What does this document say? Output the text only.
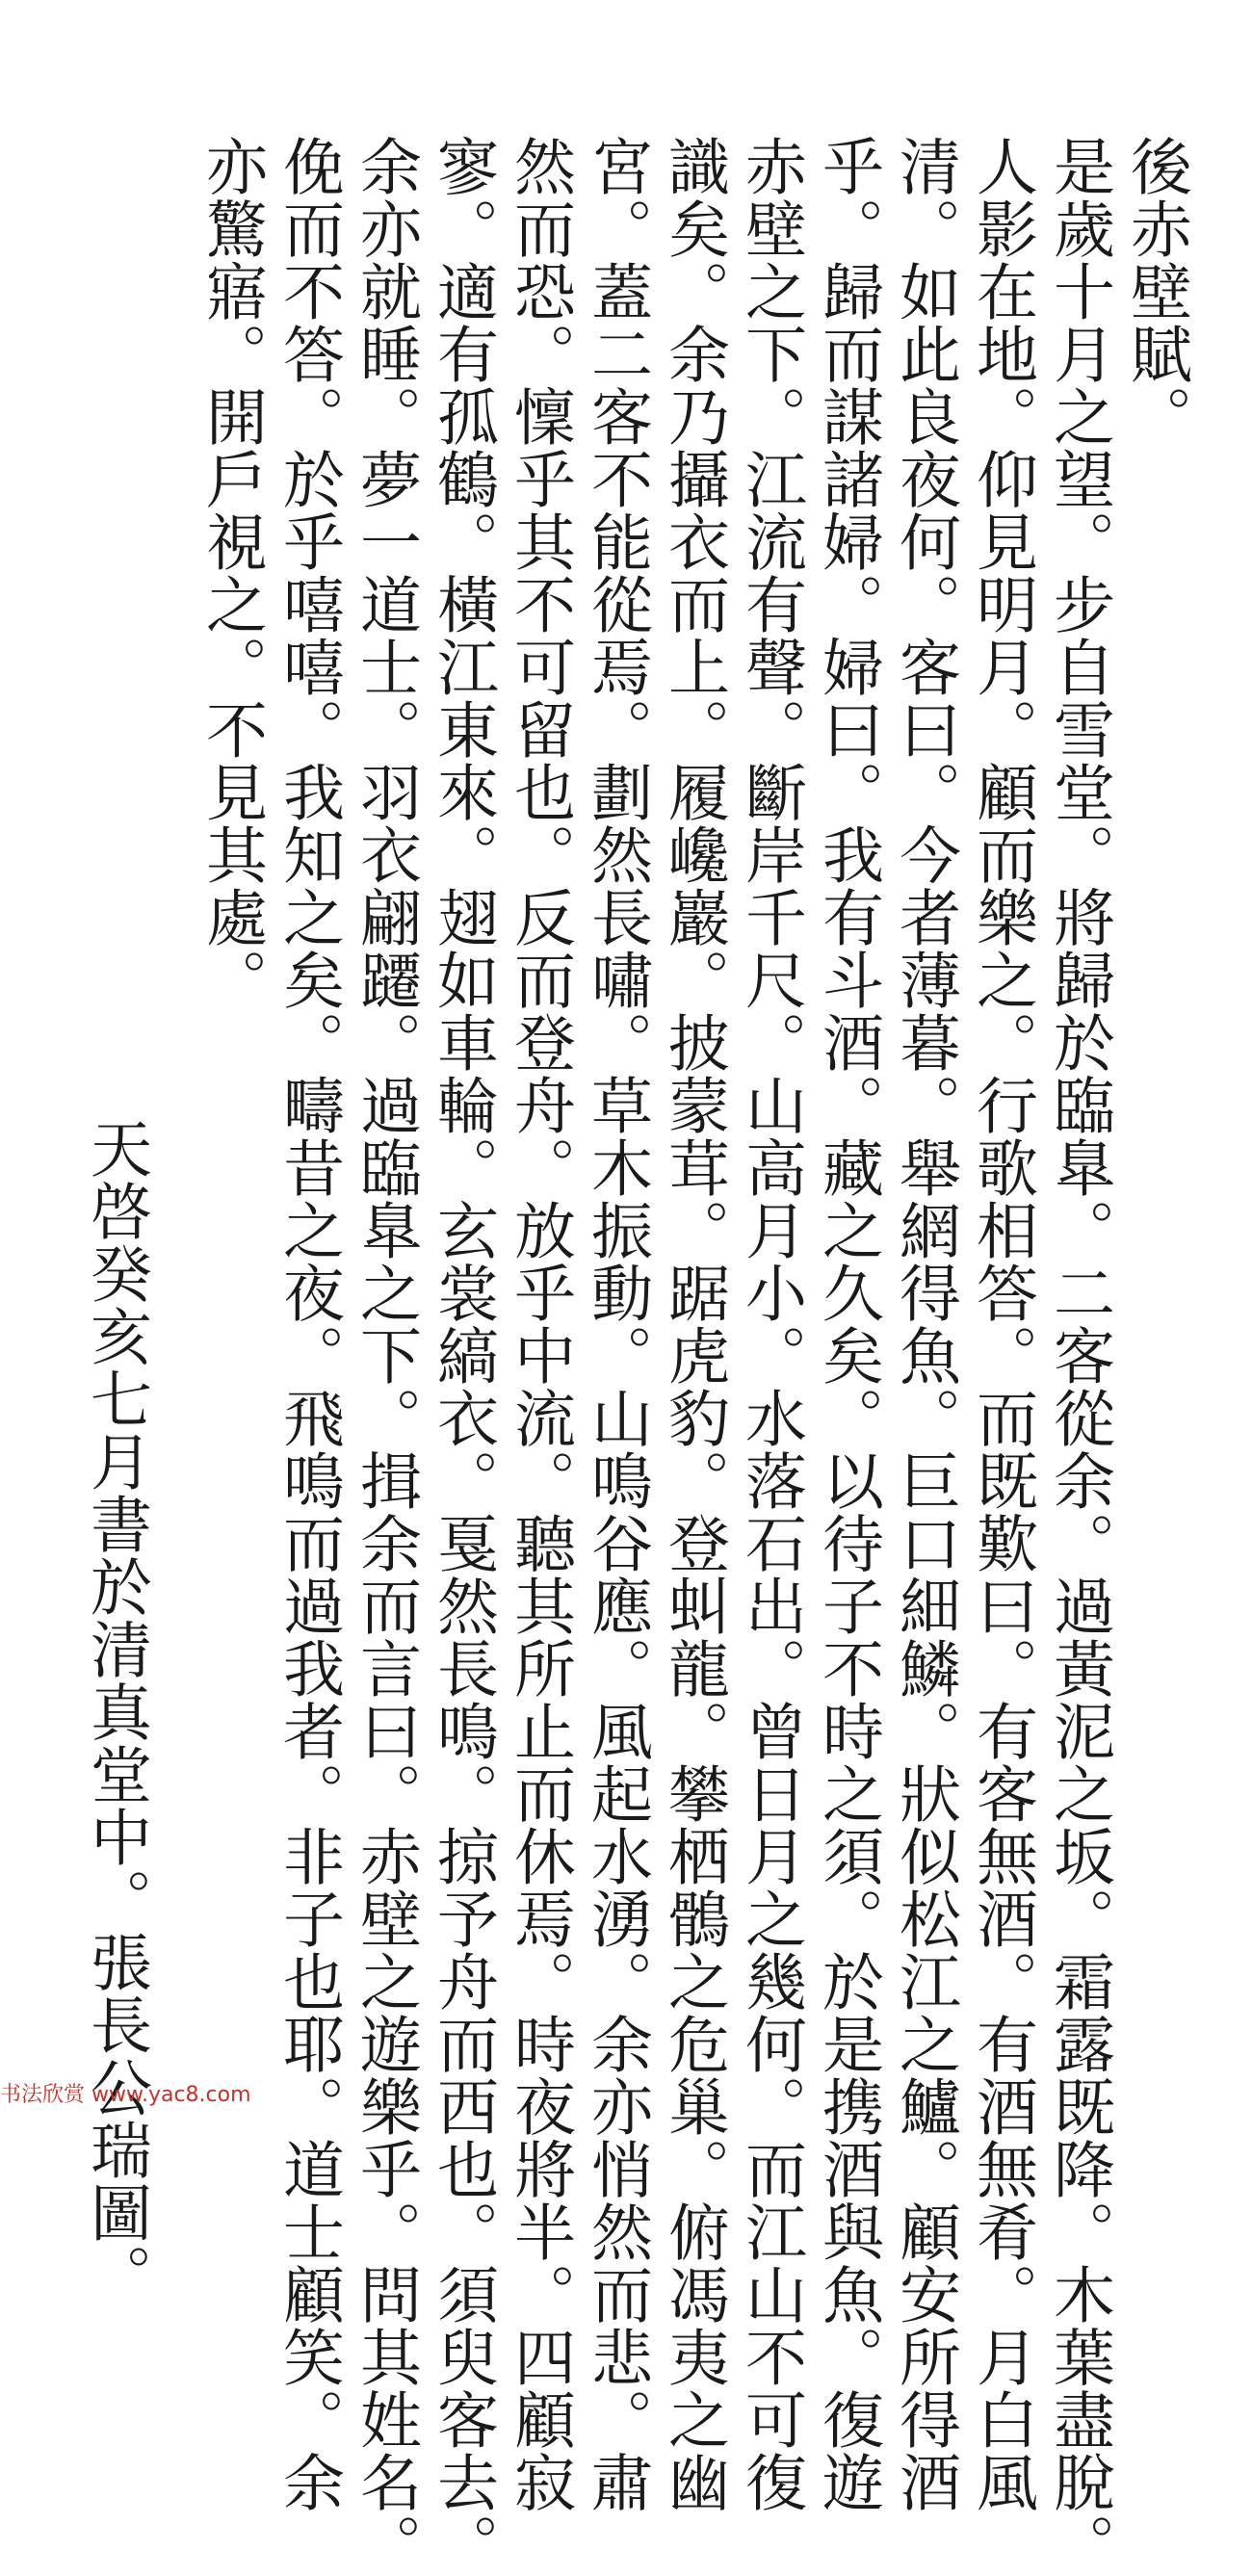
後赤壁賦。
是歲十月之望。步自雪堂。將歸於臨臯。二客從余。過黃泥之坂。霜露既降。木葉盡脫。
人影在地。仰見明月。顧而樂之。行歌相答。而既歎曰。有客無酒。有酒無肴。月白風
清。如此良夜何。客曰。今者薄暮。舉網得魚。巨口細鱗。狀似松江之鱸。顧安所得酒
乎。歸而謀諸婦。婦曰。我有斗酒。藏之久矣。以待子不時之須。於是携酒與魚。復遊
赤壁之下。江流有聲。斷岸千尺。山高月小。水落石出。曾日月之幾何。而江山不可復
識矣。余乃攝衣而上。履巉巖。披蒙茸。踞虎豹。登虯龍。攀栖鶻之危巢。俯馮夷之幽
宮。蓋二客不能從焉。劃然長嘯。草木振動。山鳴谷應。風起水湧。余亦悄然而悲。肅
然而恐。懍乎其不可留也。反而登舟。放乎中流。聽其所止而休焉。時夜將半。四顧寂
寥。適有孤鶴。橫江東來。翅如車輪。玄裳縞衣。戛然長鳴。掠予舟而西也。須臾客去。
余亦就睡。夢一道士。羽衣翩躚。過臨臯之下。揖余而言曰。赤壁之遊樂乎。問其姓名。
俛而不答。於乎嘻嘻。我知之矣。疇昔之夜。飛鳴而過我者。非子也耶。道士顧笑。余
亦驚寤。開戶視之。不見其處。
天啓癸亥七月書於清真堂中。張長公瑞圖。
书法欣赏 www.yac8.com
